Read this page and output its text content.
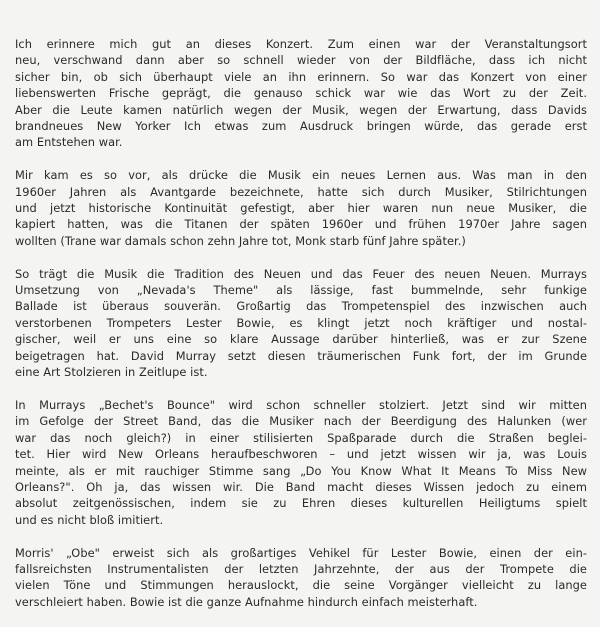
Ich erinnere mich gut an dieses Konzert. Zum einen war der Veranstaltungsort
neu, verschwand dann aber so schnell wieder von der Bildfläche, dass ich nicht
sicher bin, ob sich überhaupt viele an ihn erinnern. So war das Konzert von einer
liebenswerten Frische geprägt, die genauso schick war wie das Wort zu der Zeit.
Aber die Leute kamen natürlich wegen der Musik, wegen der Erwartung, dass Davids
brandneues New Yorker Ich etwas zum Ausdruck bringen würde, das gerade erst
am Entstehen war.

Mir kam es so vor, als drücke die Musik ein neues Lernen aus. Was man in den
1960er Jahren als Avantgarde bezeichnete, hatte sich durch Musiker, Stilrichtungen
und jetzt historische Kontinuität gefestigt, aber hier waren nun neue Musiker, die
kapiert hatten, was die Titanen der späten 1960er und frühen 1970er Jahre sagen
wollten (Trane war damals schon zehn Jahre tot, Monk starb fünf Jahre später.)

So trägt die Musik die Tradition des Neuen und das Feuer des neuen Neuen. Murrays
Umsetzung von „Nevada's Theme" als lässige, fast bummelnde, sehr funkige
Ballade ist überaus souverän. Großartig das Trompetenspiel des inzwischen auch
verstorbenen Trompeters Lester Bowie, es klingt jetzt noch kräftiger und nostal-
gischer, weil er uns eine so klare Aussage darüber hinterließ, was er zur Szene
beigetragen hat. David Murray setzt diesen träumerischen Funk fort, der im Grunde
eine Art Stolzieren in Zeitlupe ist.

In Murrays „Bechet's Bounce" wird schon schneller stolziert. Jetzt sind wir mitten
im Gefolge der Street Band, das die Musiker nach der Beerdigung des Halunken (wer
war das noch gleich?) in einer stilisierten Spaßparade durch die Straßen beglei-
tet. Hier wird New Orleans heraufbeschworen – und jetzt wissen wir ja, was Louis
meinte, als er mit rauchiger Stimme sang „Do You Know What It Means To Miss New
Orleans?". Oh ja, das wissen wir. Die Band macht dieses Wissen jedoch zu einem
absolut zeitgenössischen, indem sie zu Ehren dieses kulturellen Heiligtums spielt
und es nicht bloß imitiert.

Morris' „Obe" erweist sich als großartiges Vehikel für Lester Bowie, einen der ein-
fallsreichsten Instrumentalisten der letzten Jahrzehnte, der aus der Trompete die
vielen Töne und Stimmungen herauslockt, die seine Vorgänger vielleicht zu lange
verschleiert haben. Bowie ist die ganze Aufnahme hindurch einfach meisterhaft.
